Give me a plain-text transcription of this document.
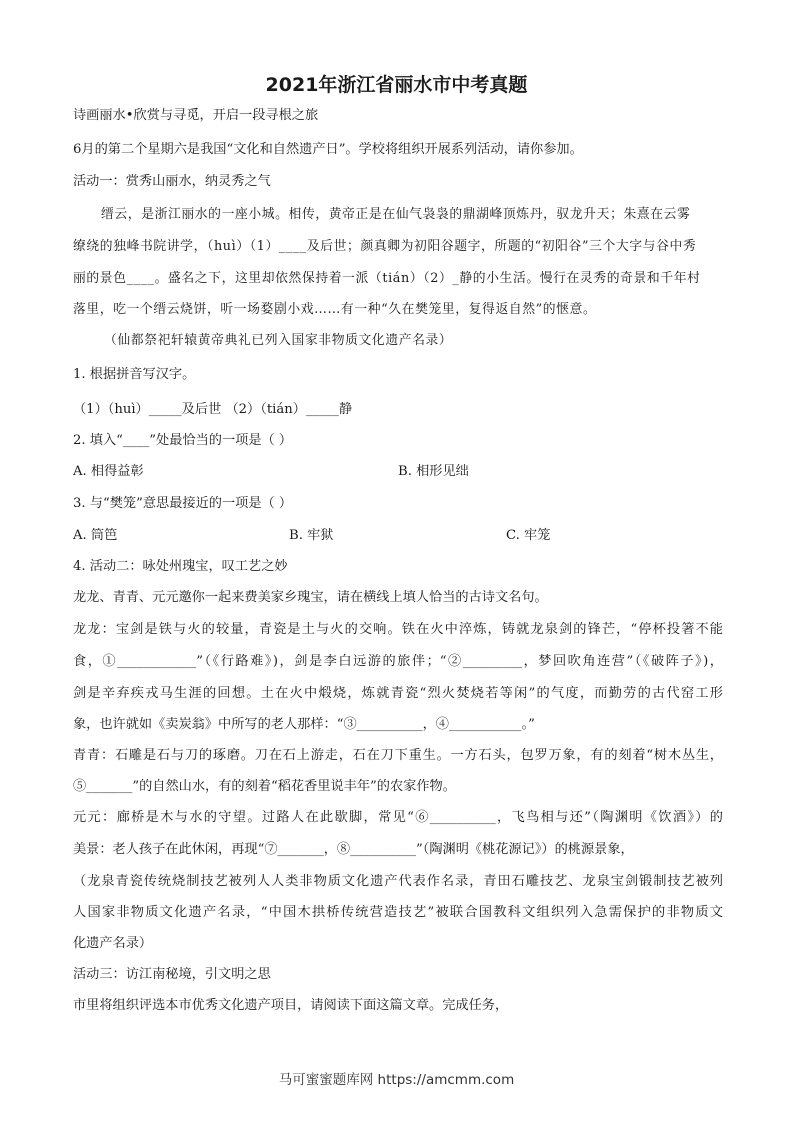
2021年浙江省丽水市中考真题
诗画丽水•欣赏与寻觅，开启一段寻根之旅
6月的第二个星期六是我国“文化和自然遗产日”。学校将组织开展系列活动，请你参加。
活动一：赏秀山丽水，纳灵秀之气
缙云，是浙江丽水的一座小城。相传，黄帝正是在仙气袅袅的鼎湖峰顶炼丹，驭龙升天；朱熹在云雾
缭绕的独峰书院讲学，（huì）（1）____及后世；颜真卿为初阳谷题字，所题的“初阳谷”三个大字与谷中秀
丽的景色____。盛名之下，这里却依然保持着一派（tián）（2）_静的小生活。慢行在灵秀的奇景和千年村
落里，吃一个缙云烧饼，听一场婺剧小戏……有一种“久在樊笼里，复得返自然”的惬意。
（仙都祭祀轩辕黄帝典礼已列入国家非物质文化遗产名录）
1. 根据拼音写汉字。
（1）（huì）_____及后世 （2）（tián）_____静
2. 填入“____”处最恰当的一项是（ ）
A. 相得益彰	B. 相形见绌
3. 与“樊笼”意思最接近的一项是（ ）
A. 筒笆	B. 牢狱	C. 牢笼
4. 活动二：咏处州瑰宝，叹工艺之妙
龙龙、青青、元元邀你一起来费美家乡瑰宝，请在横线上填人恰当的古诗文名句。
龙龙：宝剑是铁与火的较量，青瓷是土与火的交响。铁在火中淬炼，铸就龙泉剑的锋芒，“停杯投箸不能
食，①____________”（《行路难》)，剑是李白远游的旅伴；“②_________，梦回吹角连营”（《破阵子》)，
剑是辛弃疾戎马生涯的回想。土在火中煅烧，炼就青瓷“烈火焚烧若等闲”的气度，而勤劳的古代窑工形
象，也许就如《卖炭翁》中所写的老人那样：“③__________，④___________。”
青青：石雕是石与刀的琢磨。刀在石上游走，石在刀下重生。一方石头，包罗万象，有的刻着“树木丛生，
⑤_______”的自然山水，有的刻着“稻花香里说丰年”的农家作物。
元元：廊桥是木与水的守望。过路人在此歇脚，常见“⑥__________，飞鸟相与还”（陶渊明《饮酒》）的
美景：老人孩子在此休闲，再现“⑦_______，⑧__________”（陶渊明《桃花源记》）的桃源景象，
（龙泉青瓷传统烧制技艺被列人人类非物质文化遗产代表作名录，青田石雕技艺、龙泉宝剑锻制技艺被列
人国家非物质文化遗产名录，“中国木拱桥传统营造技艺”被联合国教科文组织列入急需保护的非物质文
化遗产名录）
活动三：访江南秘境，引文明之思
市里将组织评选本市优秀文化遗产项目，请阅读下面这篇文章。完成任务，
马可蜜蜜题库网 https://amcmm.com
